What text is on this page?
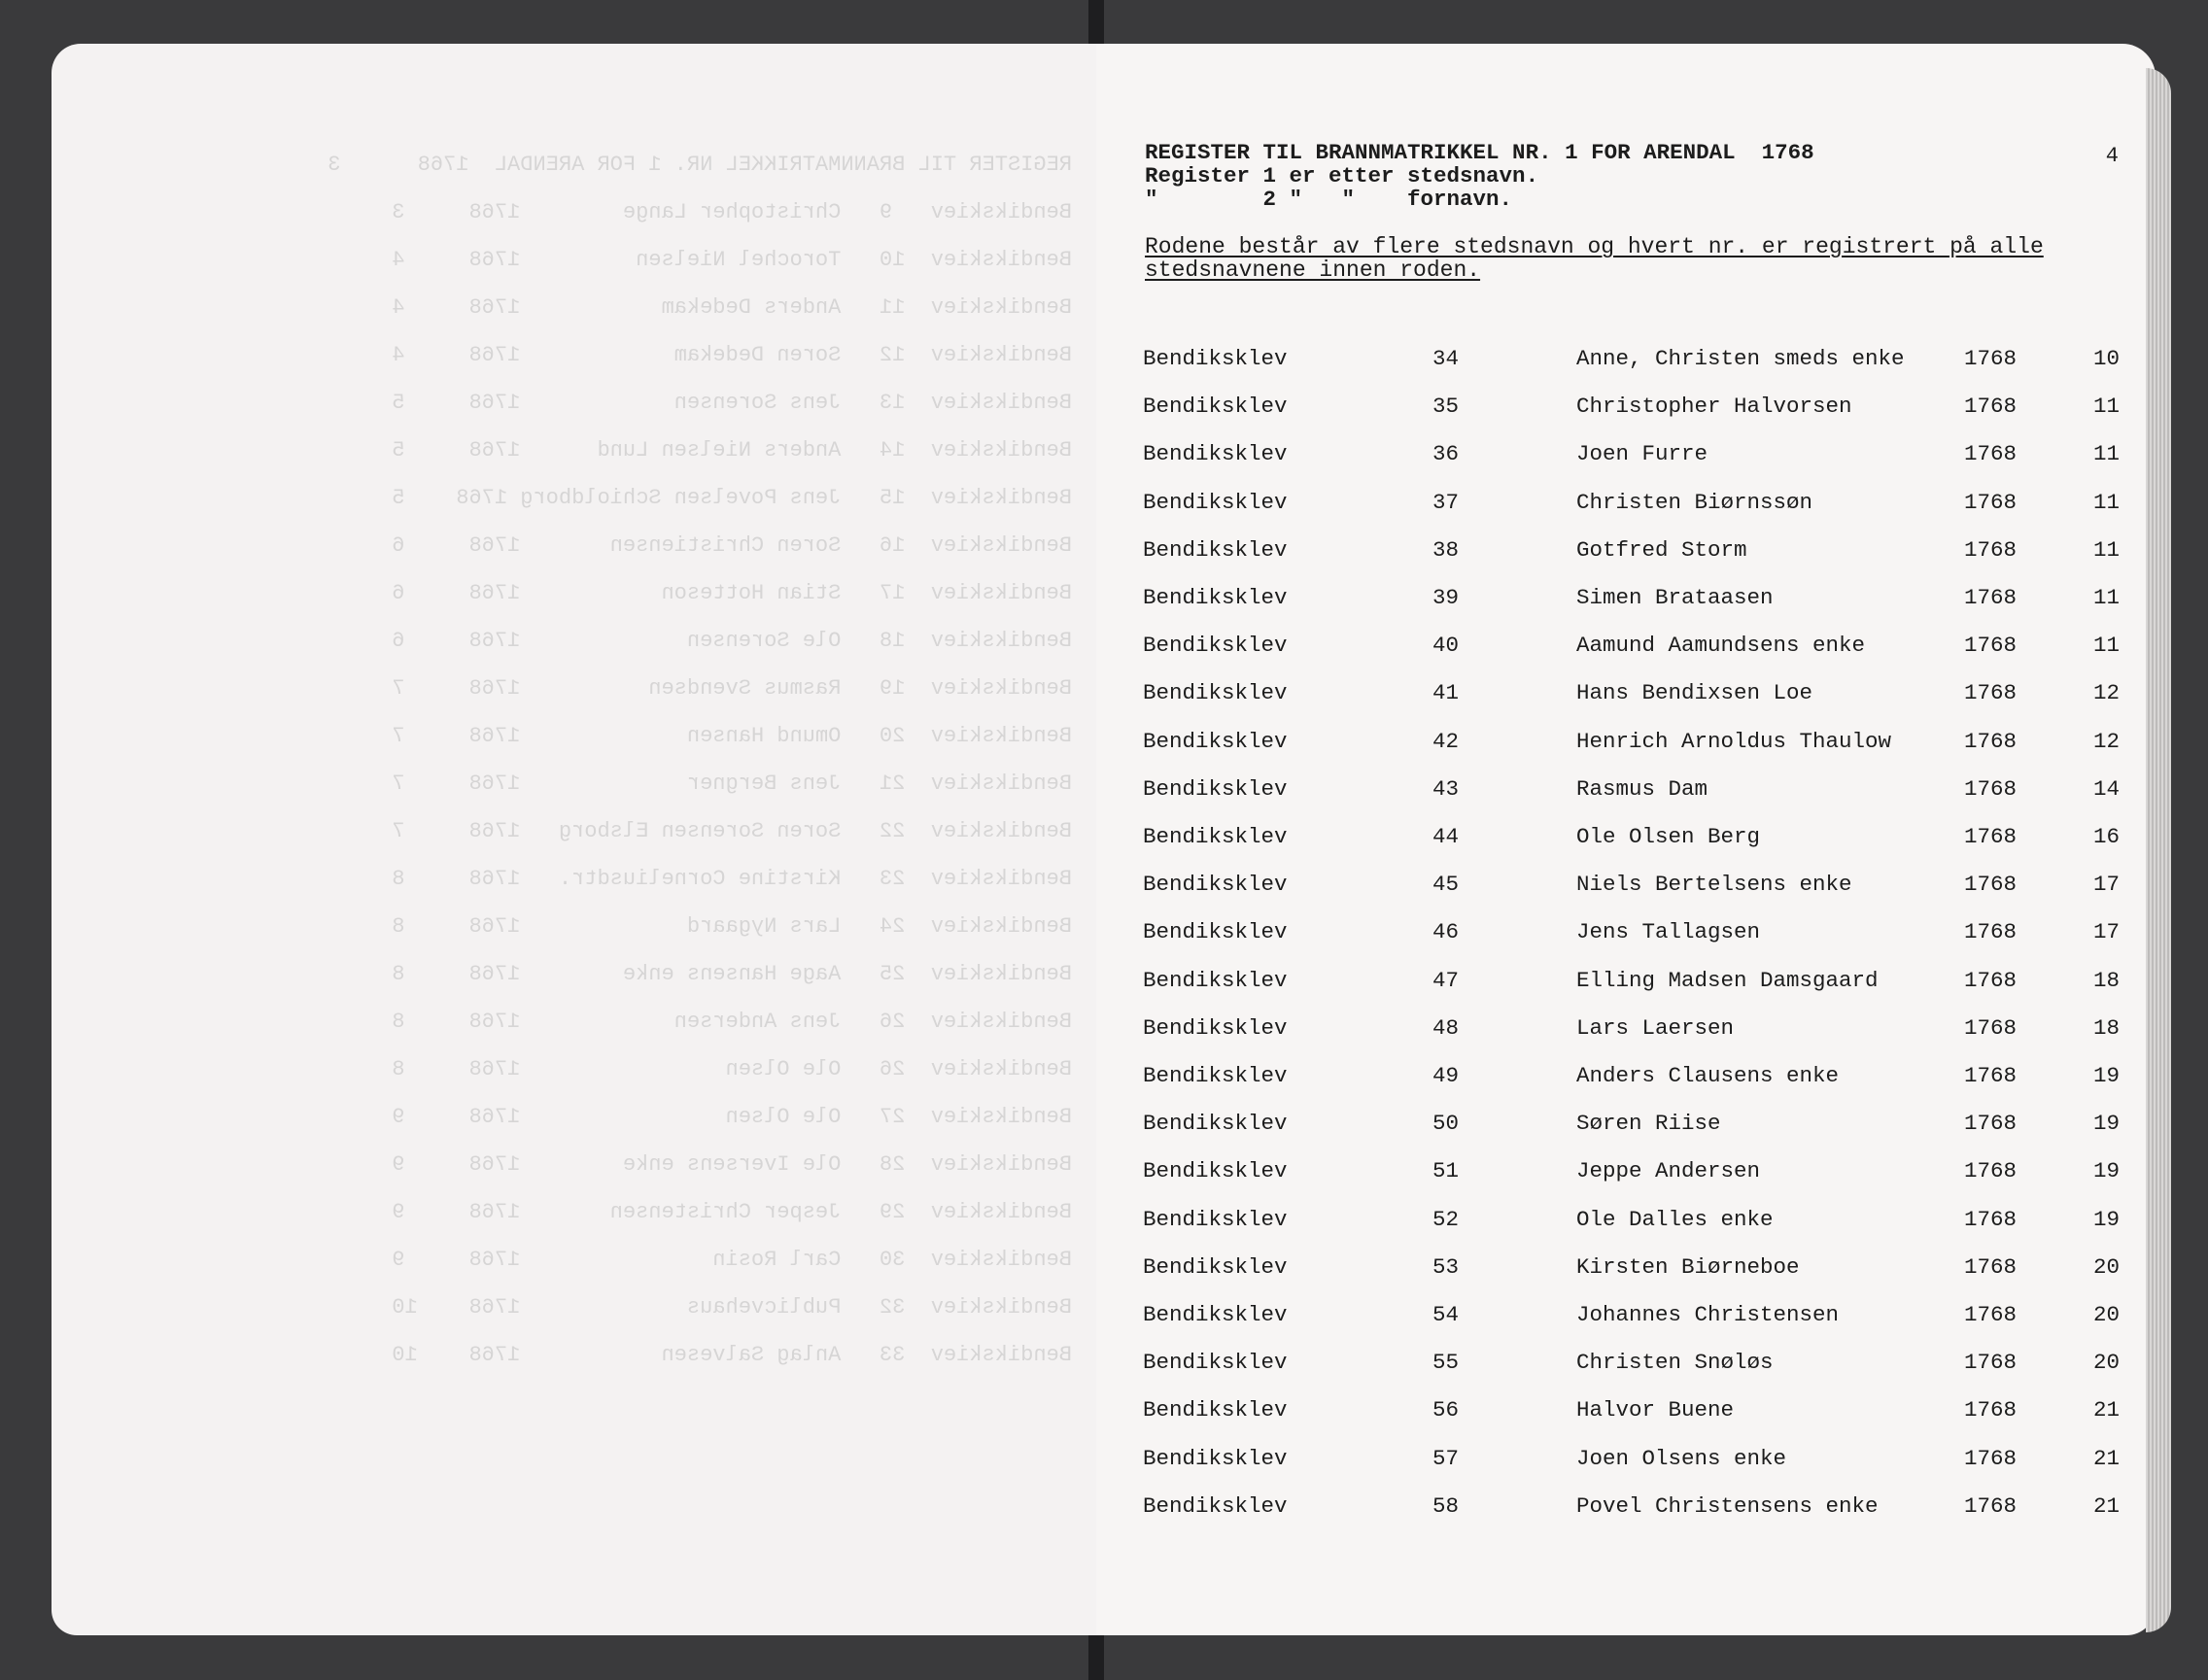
REGISTER TIL BRANNMATRIKKEL NR. 1 FOR ARENDAL  1768      3
Bendikskiev   9   Christopher Lange        1768     3
Bendikskiev  10   Torochel Nielsen         1768     4
Bendikskiev  11   Anders Dedekam           1768     4
Bendikskiev  12   Soren Dedekam            1768     4
Bendikskiev  13   Jens Sorensen            1768     5
Bendikskiev  14   Anders Nielsen Lund      1768     5
Bendikskiev  15   Jens Povelsen Schioldborg 1768    5
Bendikskiev  16   Soren Christiensen       1768     6
Bendikskiev  17   Stian Hotteson           1768     6
Bendikskiev  18   Ole Sorensen             1768     6
Bendikskiev  19   Rasmus Svendsen          1768     7
Bendikskiev  20   Omund Hansen             1768     7
Bendikskiev  21   Jens Bergner             1768     7
Bendikskiev  22   Soren Sorensen Elsborg   1768     7
Bendikskiev  23   Kirstine Corneliusdtr.   1768     8
Bendikskiev  24   Lars Nygaard             1768     8
Bendikskiev  25   Aage Hansens enke        1768     8
Bendikskiev  26   Jens Andersen            1768     8
Bendikskiev  26   Ole Olsen                1768     8
Bendikskiev  27   Ole Olsen                1768     9
Bendikskiev  28   Ole Iversens enke        1768     9
Bendikskiev  29   Jesper Christensen       1768     9
Bendikskiev  30   Carl Rosin               1768     9
Bendikskiev  32   Publicvehaus             1768    10
Bendikskiev  33   Anlag Salvesen           1768    10
REGISTER TIL BRANNMATRIKKEL NR. 1 FOR ARENDAL  1768
Register 1 er etter stedsnavn.
"        2 "   "    fornavn.
4
Rodene består av flere stedsnavn og hvert nr. er registrert på alle stedsnavnene innen roden.
Bendiksklev	34	Anne, Christen smeds enke	1768	10
Bendiksklev	35	Christopher Halvorsen	1768	11
Bendiksklev	36	Joen Furre	1768	11
Bendiksklev	37	Christen Biørnssøn	1768	11
Bendiksklev	38	Gotfred Storm	1768	11
Bendiksklev	39	Simen Brataasen	1768	11
Bendiksklev	40	Aamund Aamundsens enke	1768	11
Bendiksklev	41	Hans Bendixsen Loe	1768	12
Bendiksklev	42	Henrich Arnoldus Thaulow	1768	12
Bendiksklev	43	Rasmus Dam	1768	14
Bendiksklev	44	Ole Olsen Berg	1768	16
Bendiksklev	45	Niels Bertelsens enke	1768	17
Bendiksklev	46	Jens Tallagsen	1768	17
Bendiksklev	47	Elling Madsen Damsgaard	1768	18
Bendiksklev	48	Lars Laersen	1768	18
Bendiksklev	49	Anders Clausens enke	1768	19
Bendiksklev	50	Søren Riise	1768	19
Bendiksklev	51	Jeppe Andersen	1768	19
Bendiksklev	52	Ole Dalles enke	1768	19
Bendiksklev	53	Kirsten Biørneboe	1768	20
Bendiksklev	54	Johannes Christensen	1768	20
Bendiksklev	55	Christen Snøløs	1768	20
Bendiksklev	56	Halvor Buene	1768	21
Bendiksklev	57	Joen Olsens enke	1768	21
Bendiksklev	58	Povel Christensens enke	1768	21
